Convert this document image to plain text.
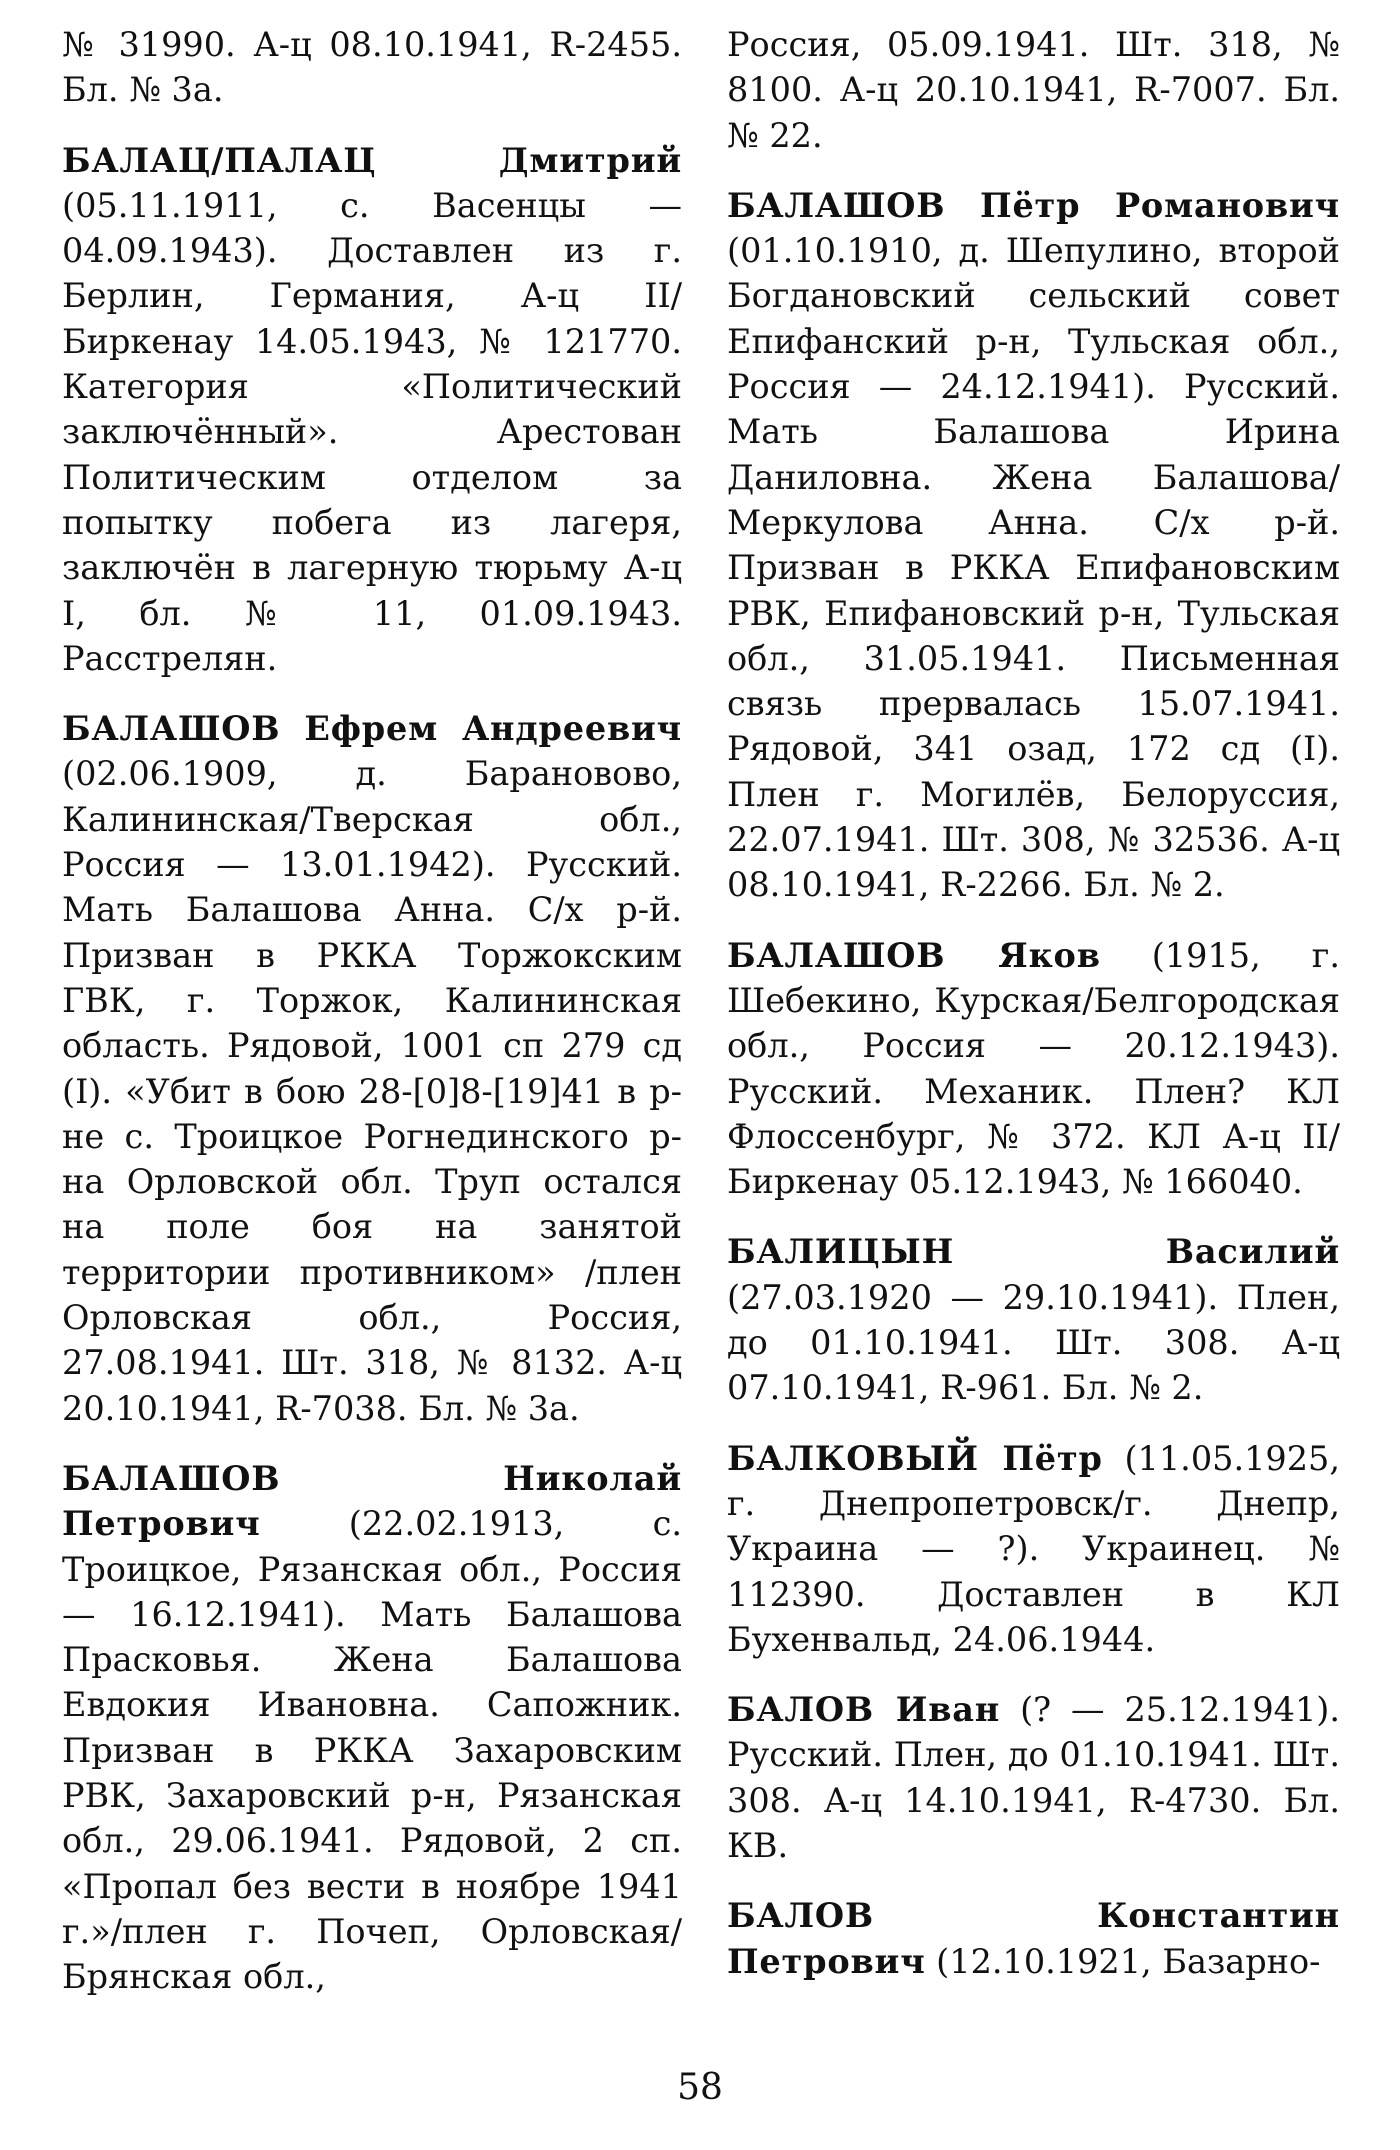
№ 31990. А-ц 08.10.1941, R-2455. Бл. № 3а.

БАЛАЦ/ПАЛАЦ Дмитрий (05.11.1911, с. Васенцы — 04.09.1943). Доставлен из г. Берлин, Германия, А-ц II/Биркенау 14.05.1943, № 121770. Категория «Политический заключённый». Арестован Политическим отделом за попытку побега из лагеря, заключён в лагерную тюрьму А-ц I, бл. № 11, 01.09.1943. Расстрелян.

БАЛАШОВ Ефрем Андреевич (02.06.1909, д. Барановово, Калининская/Тверская обл., Россия — 13.01.1942). Русский. Мать Балашова Анна. С/х р-й. Призван в РККА Торжокским ГВК, г. Торжок, Калининская область. Рядовой, 1001 сп 279 сд (I). «Убит в бою 28-[0]8-[19]41 в р-не с. Троицкое Рогнединского р-на Орловской обл. Труп остался на поле боя на занятой территории противником» /плен Орловская обл., Россия, 27.08.1941. Шт. 318, № 8132. А-ц 20.10.1941, R-7038. Бл. № 3а.

БАЛАШОВ Николай Петрович (22.02.1913, с. Троицкое, Рязанская обл., Россия — 16.12.1941). Мать Балашова Прасковья. Жена Балашова Евдокия Ивановна. Сапожник. Призван в РККА Захаровским РВК, Захаровский р-н, Рязанская обл., 29.06.1941. Рядовой, 2 сп. «Пропал без вести в ноябре 1941 г.»/плен г. Почеп, Орловская/Брянская обл.,

Россия, 05.09.1941. Шт. 318, № 8100. А-ц 20.10.1941, R-7007. Бл. № 22.

БАЛАШОВ Пётр Романович (01.10.1910, д. Шепулино, второй Богдановский сельский совет Епифанский р-н, Тульская обл., Россия — 24.12.1941). Русский. Мать Балашова Ирина Даниловна. Жена Балашова/Меркулова Анна. С/х р-й. Призван в РККА Епифановским РВК, Епифановский р-н, Тульская обл., 31.05.1941. Письменная связь прервалась 15.07.1941. Рядовой, 341 озад, 172 сд (I). Плен г. Могилёв, Белоруссия, 22.07.1941. Шт. 308, № 32536. А-ц 08.10.1941, R-2266. Бл. № 2.

БАЛАШОВ Яков (1915, г. Шебекино, Курская/Белгородская обл., Россия — 20.12.1943). Русский. Механик. Плен? КЛ Флоссенбург, № 372. КЛ А-ц II/Биркенау 05.12.1943, № 166040.

БАЛИЦЫН Василий (27.03.1920 — 29.10.1941). Плен, до 01.10.1941. Шт. 308. А-ц 07.10.1941, R-961. Бл. № 2.

БАЛКОВЫЙ Пётр (11.05.1925, г. Днепропетровск/г. Днепр, Украина — ?). Украинец. № 112390. Доставлен в КЛ Бухенвальд, 24.06.1944.

БАЛОВ Иван (? — 25.12.1941). Русский. Плен, до 01.10.1941. Шт. 308. А-ц 14.10.1941, R-4730. Бл. КВ.

БАЛОВ Константин Петрович (12.10.1921, Базарно-

58
